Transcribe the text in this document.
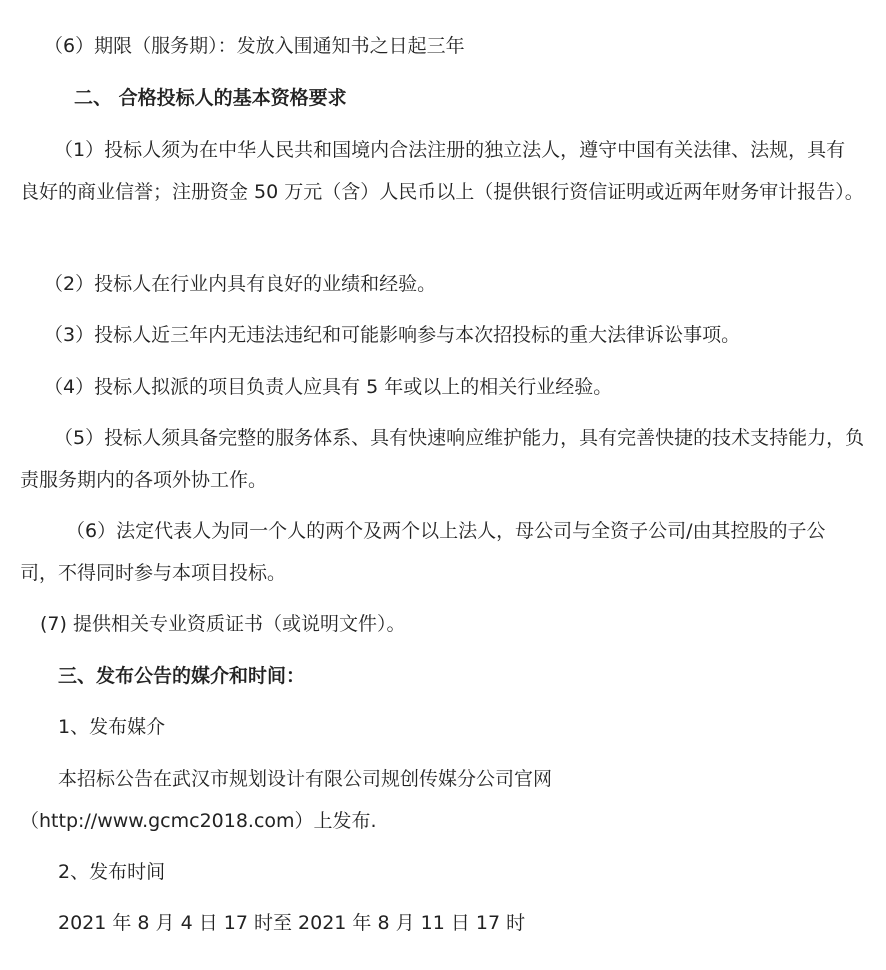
（6）期限（服务期）：发放入围通知书之日起三年

二、 合格投标人的基本资格要求

（1）投标人须为在中华人民共和国境内合法注册的独立法人，遵守中国有关法律、法规，具有良好的商业信誉；注册资金 50 万元（含）人民币以上（提供银行资信证明或近两年财务审计报告）。

（2）投标人在行业内具有良好的业绩和经验。

（3）投标人近三年内无违法违纪和可能影响参与本次招投标的重大法律诉讼事项。

（4）投标人拟派的项目负责人应具有 5 年或以上的相关行业经验。

（5）投标人须具备完整的服务体系、具有快速响应维护能力，具有完善快捷的技术支持能力，负责服务期内的各项外协工作。

（6）法定代表人为同一个人的两个及两个以上法人，母公司与全资子公司/由其控股的子公司，不得同时参与本项目投标。

(7) 提供相关专业资质证书（或说明文件）。

三、发布公告的媒介和时间：

1、发布媒介

本招标公告在武汉市规划设计有限公司规创传媒分公司官网（http://www.gcmc2018.com）上发布.

2、发布时间

2021 年 8 月 4 日 17 时至 2021 年 8 月 11 日 17 时
